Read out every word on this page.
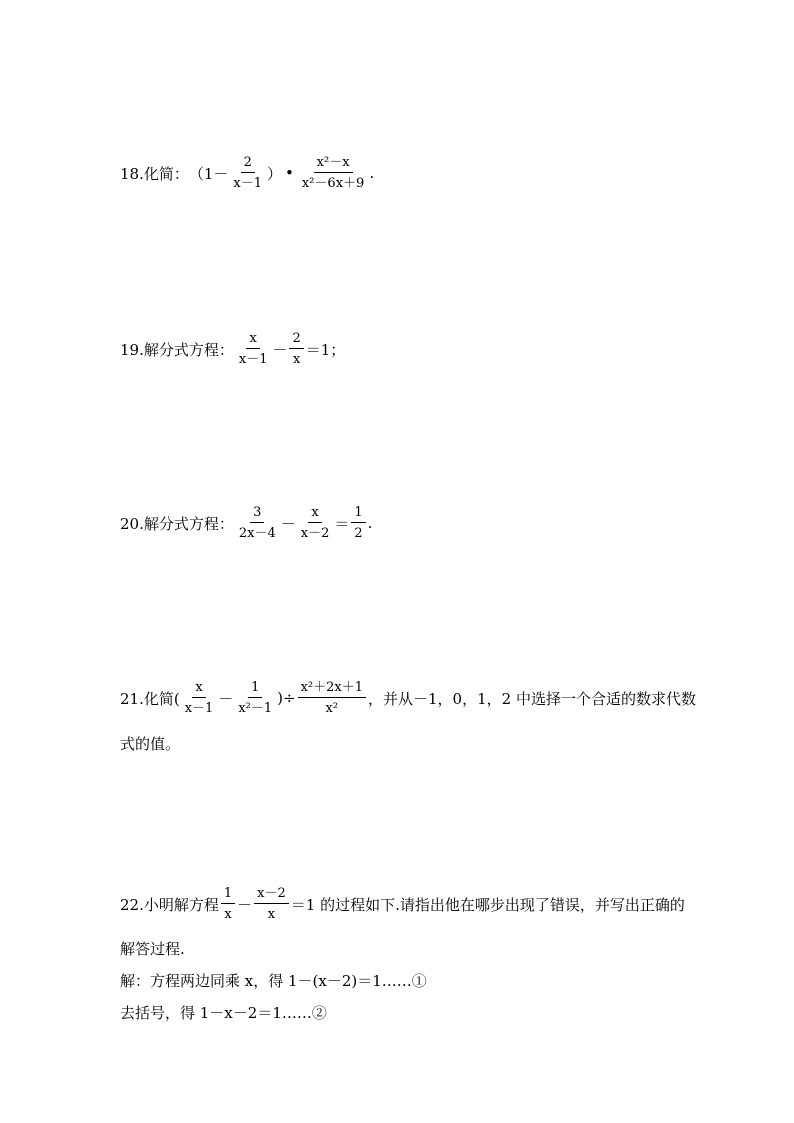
18.化简： （$1- \frac{2}{x-1}$ ） • $\frac{\text{x²－x}}{\text{x²－6x＋9}}$ .
19.解分式方程： $\frac{x}{x-1} - \frac{2}{x} =1$；
20.解分式方程： $\frac{3}{2x-4} - \frac{x}{x-2} = \frac{1}{2}$ .
21.化简( $\frac{x}{x-1} - \frac{1}{\text{x²－1}}$ )÷ $\frac{\text{x²＋2x＋1}}{\text{x²}}$ ，并从－1，0，1，2 中选择一个合适的数求代数
式的值。
22.小明解方程 $\frac{1}{x} - \frac{x-2}{x} =1$ 的过程如下.请指出他在哪步出现了错误，并写出正确的
解答过程.
解：方程两边同乘 x，得 1－(x－2)＝1……①
去括号，得 1－x－2＝1……②
